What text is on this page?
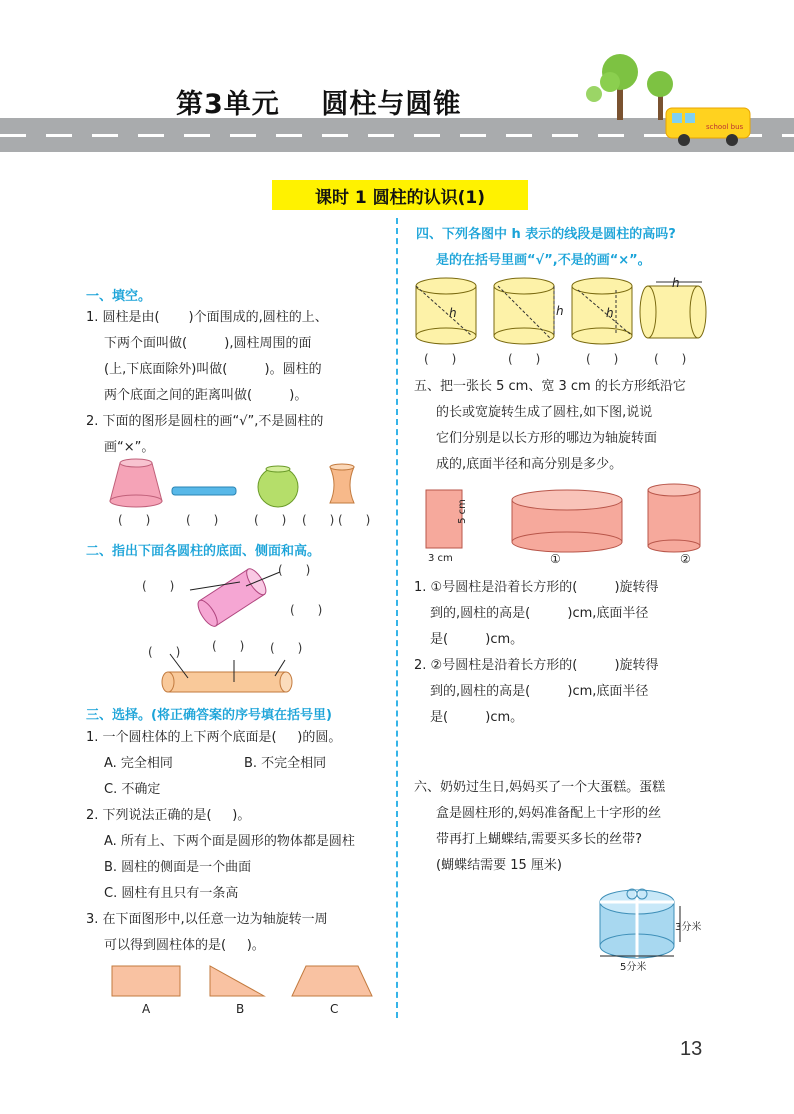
school bus
第3单元    圆柱与圆锥
课时 1 圆柱的认识(1)
一、填空。
1. 圆柱是由(       )个面围成的,圆柱的上、
下两个面叫做(         ),圆柱周围的面
(上,下底面除外)叫做(         )。圆柱的
两个底面之间的距离叫做(         )。
2. 下面的图形是圆柱的画“√”,不是圆柱的
画“×”。
(      )	(      )	(      ) (      ) (      )
二、指出下面各圆柱的底面、侧面和高。
(      )
(      )
(      )
(      )	(      ) (      )
三、选择。(将正确答案的序号填在括号里)
1. 一个圆柱体的上下两个底面是(     )的圆。
A. 完全相同	B. 不完全相同
C. 不确定
2. 下列说法正确的是(     )。
A. 所有上、下两个面是圆形的物体都是圆柱
B. 圆柱的侧面是一个曲面
C. 圆柱有且只有一条高
3. 在下面图形中,以任意一边为轴旋转一周
可以得到圆柱体的是(     )。
A	B	C
四、下列各图中 h 表示的线段是圆柱的高吗?
是的在括号里画“√”,不是的画“×”。
h	h	h
h
(      )	(      )	(      )	(      )
五、把一张长 5 cm、宽 3 cm 的长方形纸沿它
的长或宽旋转生成了圆柱,如下图,说说
它们分别是以长方形的哪边为轴旋转面
成的,底面半径和高分别是多少。
3 cm
5 cm
①	②
1. ①号圆柱是沿着长方形的(         )旋转得
到的,圆柱的高是(         )cm,底面半径
是(         )cm。
2. ②号圆柱是沿着长方形的(         )旋转得
到的,圆柱的高是(         )cm,底面半径
是(         )cm。
六、奶奶过生日,妈妈买了一个大蛋糕。蛋糕
盒是圆柱形的,妈妈准备配上十字形的丝
带再打上蝴蝶结,需要买多长的丝带?
(蝴蝶结需要 15 厘米)
3分米
5分米
13
